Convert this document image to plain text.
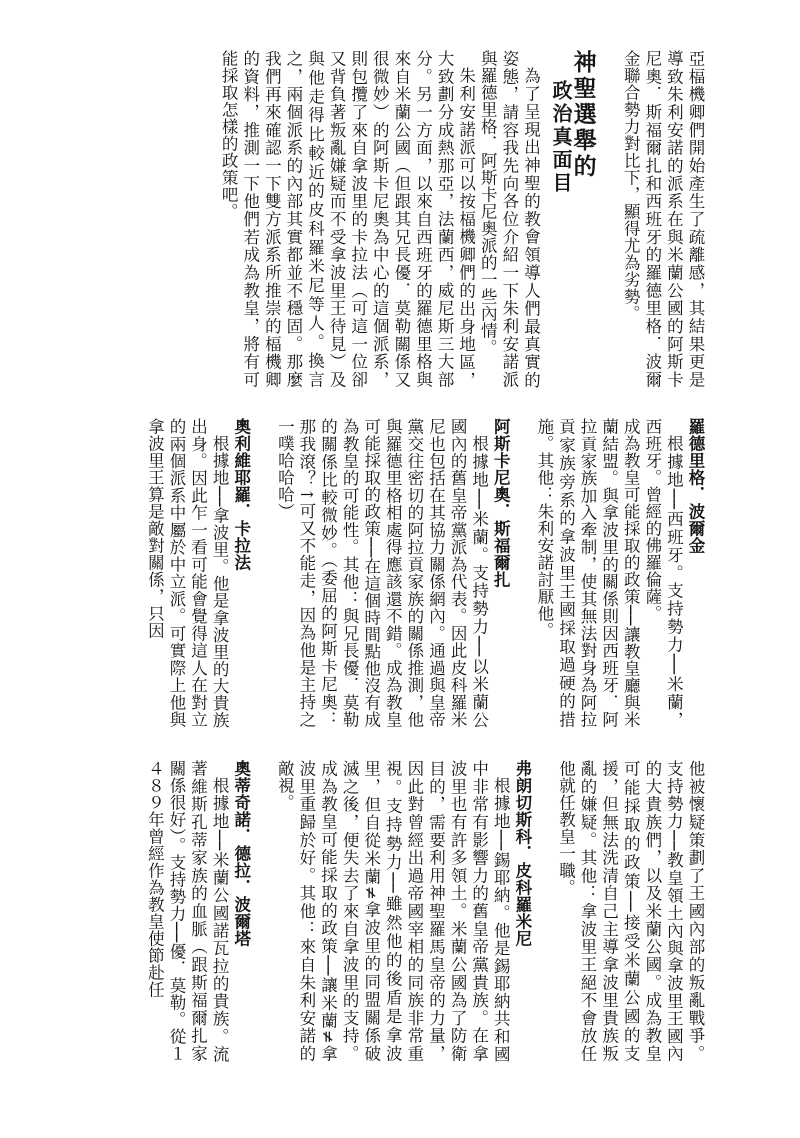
亞楅機卿們開始產生了疏離感，其結果更是導致朱利安諾的派系在與米蘭公國的阿斯卡尼奧．斯福爾扎和西班牙的羅德里格．波爾金聯合勢力對比下，顯得尤為劣勢。

神聖選舉的

政治真面目

為了呈現出神聖的教會領導人們最真實的姿態，請容我先向各位介紹一下朱利安諾派與羅德里格．阿斯卡尼奧派的一些內情。

朱利安諾派可以按楅機卿們的出身地區，大致劃分成熱那亞，法蘭西，威尼斯三大部分。另一方面，以來自西班牙的羅德里格與來自米蘭公國（但跟其兄長優．莫勒關係又很微妙）的阿斯卡尼奧為中心的這個派系，則包攬了來自拿波里的卡拉法（可這一位卻又背負著叛亂嫌疑而不受拿波里王待見）及與他走得比較近的皮科羅米尼等人。換言之，兩個派系的內部其實都並不穩固。那麼我們再來確認一下雙方派系所推崇的楅機卿的資料，推測一下他們若成為教皇，將有可能採取怎樣的政策吧。

羅德里格．波爾金

根據地──西班牙。支持勢力──米蘭，西班牙。曾經的佛羅倫薩。

成為教皇可能採取的政策──讓教皇廳與米蘭結盟。與拿波里的關係則因西班牙．阿拉貢家族加入牽制，使其無法對身為阿拉貢家族旁系的拿波里王國採取過硬的措施。其他：朱利安諾討厭他。

阿斯卡尼奧．斯福爾扎

根據地──米蘭。支持勢力──以米蘭公國內的舊皇帝黨派為代表。因此皮科羅米尼也包括在其協力關係網內。通過與皇帝黨交往密切的阿拉貢家族的關係推測，他與羅德里格相處得應該還不錯。成為教皇可能採取的政策──在這個時間點他沒有成為教皇的可能性。其他：與兄長優．莫勒的關係比較微妙。（委屈的阿斯卡尼奧：那我滾？↑可又不能走，因為他是主持之一噗哈哈哈）

奧利維耶羅．卡拉法

根據地──拿波里。他是拿波里的大貴族出身。因此乍一看可能會覺得這人在對立的兩個派系中屬於中立派。可實際上他與拿波里王算是敵對關係，只因

他被懷疑策劃了王國內部的叛亂戰爭。支持勢力──教皇領土內與拿波里王國內的大貴族們，以及米蘭公國。成為教皇可能採取的政策──接受米蘭公國的支援，但無法洗清自己主導拿波里貴族叛亂的嫌疑。其他：拿波里王絕不會放任他就任教皇一職。

弗朗切斯科．皮科羅米尼

根據地──錫耶納。他是錫耶納共和國中非常有影響力的舊皇帝黨貴族。在拿波里也有許多領土。米蘭公國為了防衛目的，需要利用神聖羅馬皇帝的力量，因此對曾經出過帝國宰相的同族非常重視。支持勢力──雖然他的後盾是拿波里，但自從米蘭≠拿波里的同盟關係破滅之後，便失去了來自拿波里的支持。成為教皇可能採取的政策──讓米蘭≠拿波里重歸於好。其他：來自朱利安諾的敵視。

奧蒂奇諾．德拉．波爾塔

根據地──米蘭公國諾瓦拉的貴族。流著維斯孔蒂家族的血脈（跟斯福爾扎家關係很好）。支持勢力──優．莫勒。從１４８９年曾經作為教皇使節赴任
